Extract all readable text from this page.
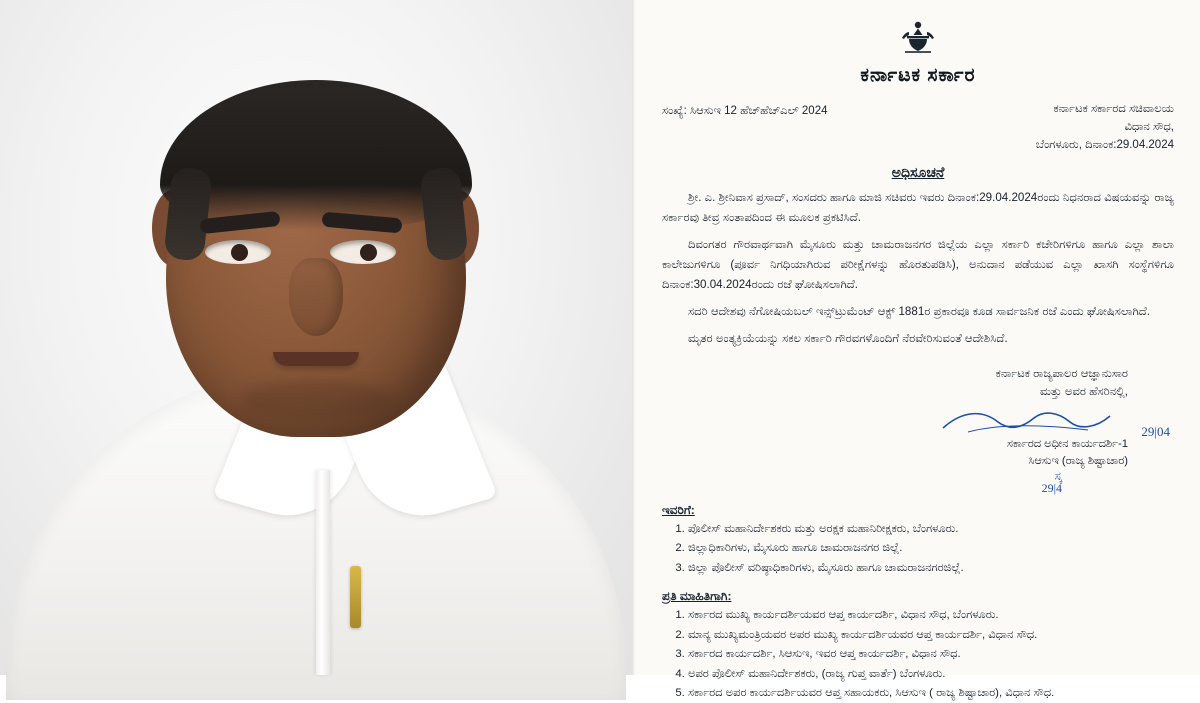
ಕರ್ನಾಟಕ ಸರ್ಕಾರ
ಸಂಖ್ಯೆ: ಸಿಆಸುಇ 12 ಹೆಚ್‌ಹೆಚ್‌ಎಲ್ 2024	ಕರ್ನಾಟಕ ಸರ್ಕಾರದ ಸಚಿವಾಲಯ
ವಿಧಾನ ಸೌಧ,
ಬೆಂಗಳೂರು, ದಿನಾಂಕ:29.04.2024
ಅಧಿಸೂಚನೆ

ಶ್ರೀ. ಎ. ಶ್ರೀನಿವಾಸ ಪ್ರಸಾದ್, ಸಂಸದರು ಹಾಗೂ ಮಾಜಿ ಸಚಿವರು ಇವರು ದಿನಾಂಕ:29.04.2024ರಂದು ನಿಧನರಾದ ವಿಷಯವನ್ನು ರಾಜ್ಯ ಸರ್ಕಾರವು ತೀವ್ರ ಸಂತಾಪದಿಂದ ಈ ಮೂಲಕ ಪ್ರಕಟಿಸಿದೆ.

ದಿವಂಗತರ ಗೌರವಾರ್ಥವಾಗಿ ಮೈಸೂರು ಮತ್ತು ಚಾಮರಾಜನಗರ ಜಿಲ್ಲೆಯ ಎಲ್ಲಾ ಸರ್ಕಾರಿ ಕಚೇರಿಗಳಿಗೂ ಹಾಗೂ ಎಲ್ಲಾ ಶಾಲಾ ಕಾಲೇಜುಗಳಿಗೂ (ಪೂರ್ವ ನಿಗಧಿಯಾಗಿರುವ ಪರೀಕ್ಷೆಗಳನ್ನು ಹೊರತುಪಡಿಸಿ), ಅನುದಾನ ಪಡೆಯುವ ಎಲ್ಲಾ ಖಾಸಗಿ ಸಂಸ್ಥೆಗಳಿಗೂ ದಿನಾಂಕ:30.04.2024ರಂದು ರಜೆ ಘೋಷಿಸಲಾಗಿದೆ.

ಸದರಿ ಆದೇಶವು ನೆಗೋಷಿಯಬಲ್ ಇನ್ಸ್‌ಟ್ರುಮೆಂಟ್ ಆಕ್ಟ್ 1881ರ ಪ್ರಕಾರವೂ ಕೂಡ ಸಾರ್ವಜನಿಕ ರಜೆ ಎಂದು ಘೋಷಿಸಲಾಗಿದೆ.

ಮೃತರ ಅಂತ್ಯಕ್ರಿಯೆಯನ್ನು ಸಕಲ ಸರ್ಕಾರಿ ಗೌರವಗಳೊಂದಿಗೆ ನೆರವೇರಿಸುವಂತೆ ಆದೇಶಿಸಿದೆ.

ಕರ್ನಾಟಕ ರಾಜ್ಯಪಾಲರ ಆಜ್ಞಾನುಸಾರ
ಮತ್ತು ಅವರ ಹೆಸರಿನಲ್ಲಿ,
29|04
ಸರ್ಕಾರದ ಅಧೀನ ಕಾರ್ಯದರ್ಶಿ-1
ಸಿಆಸುಇ (ರಾಜ್ಯ ಶಿಷ್ಟಾಚಾರ)
ಸ್ಕ
29|4
ಇವರಿಗೆ:
1. ಪೊಲೀಸ್ ಮಹಾನಿರ್ದೇಶಕರು ಮತ್ತು ಅರಕ್ಷಕ ಮಹಾನಿರೀಕ್ಷಕರು, ಬೆಂಗಳೂರು.
2. ಜಿಲ್ಲಾಧಿಕಾರಿಗಳು, ಮೈಸೂರು ಹಾಗೂ ಚಾಮರಾಜನಗರ ಜಿಲ್ಲೆ.
3. ಜಿಲ್ಲಾ ಪೊಲೀಸ್ ವರಿಷ್ಠಾಧಿಕಾರಿಗಳು, ಮೈಸೂರು ಹಾಗೂ ಚಾಮರಾಜನಗರಜಿಲ್ಲೆ.
ಪ್ರತಿ ಮಾಹಿತಿಗಾಗಿ:
1. ಸರ್ಕಾರದ ಮುಖ್ಯ ಕಾರ್ಯದರ್ಶಿಯವರ ಆಪ್ತ ಕಾರ್ಯದರ್ಶಿ, ವಿಧಾನ ಸೌಧ, ಬೆಂಗಳೂರು.
2. ಮಾನ್ಯ ಮುಖ್ಯಮಂತ್ರಿಯವರ ಅಪರ ಮುಖ್ಯ ಕಾರ್ಯದರ್ಶಿಯವರ ಆಪ್ತ ಕಾರ್ಯದರ್ಶಿ, ವಿಧಾನ ಸೌಧ.
3. ಸರ್ಕಾರದ ಕಾರ್ಯದರ್ಶಿ, ಸಿಆಸುಇ, ಇವರ ಆಪ್ತ ಕಾರ್ಯದರ್ಶಿ, ವಿಧಾನ ಸೌಧ.
4. ಅಪರ ಪೊಲೀಸ್ ಮಹಾನಿರ್ದೇಶಕರು, (ರಾಜ್ಯ ಗುಪ್ತ ವಾರ್ತೆ) ಬೆಂಗಳೂರು.
5. ಸರ್ಕಾರದ ಅಪರ ಕಾರ್ಯದರ್ಶಿಯವರ ಆಪ್ತ ಸಹಾಯಕರು, ಸಿಆಸುಇ ( ರಾಜ್ಯ ಶಿಷ್ಟಾಚಾರ), ವಿಧಾನ ಸೌಧ.
